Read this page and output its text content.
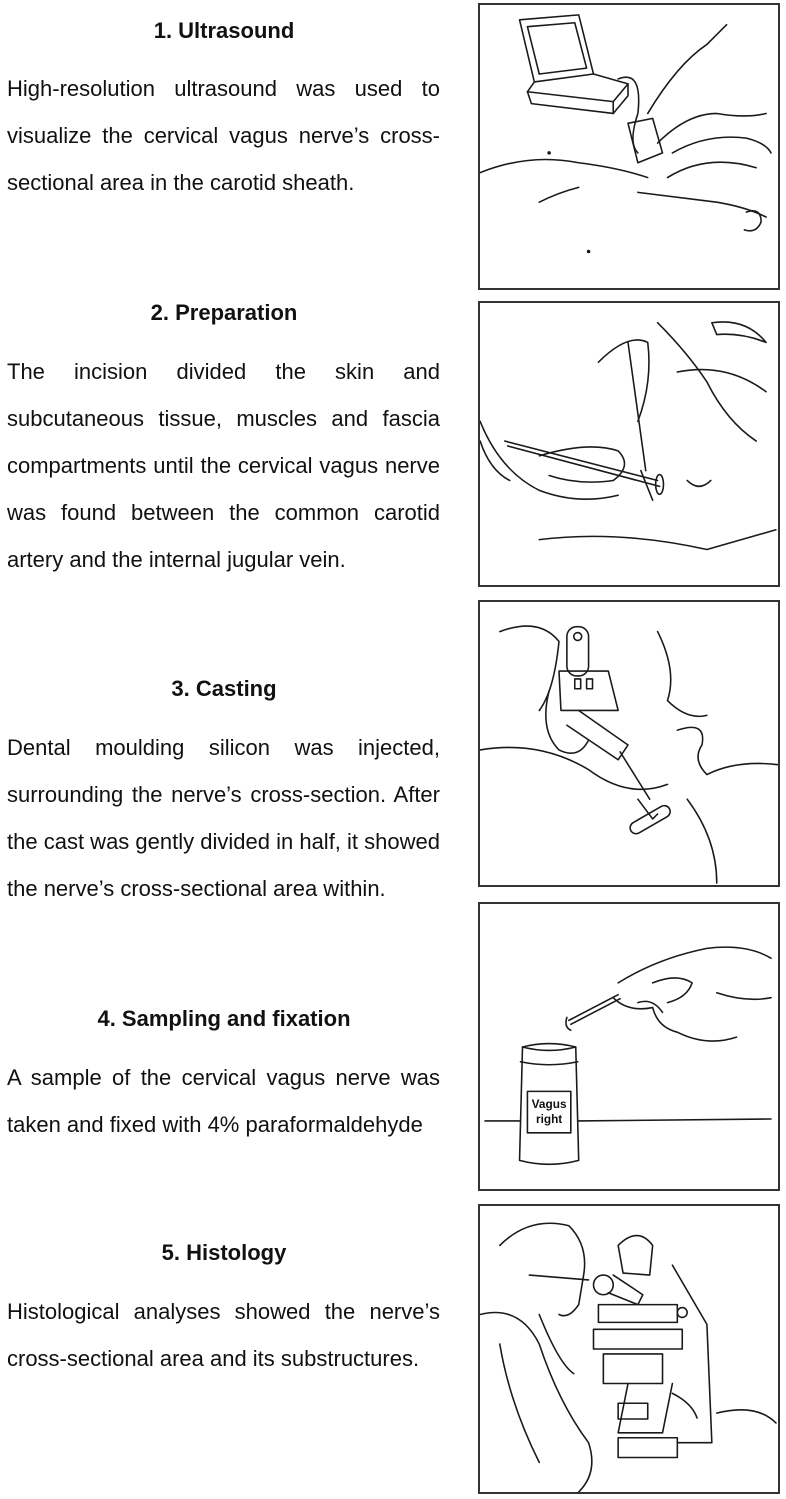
1. Ultrasound
High-resolution ultrasound was used to visualize the cervical vagus nerve’s cross-sectional area in the carotid sheath.
2. Preparation
The incision divided the skin and subcutaneous tissue, muscles and fascia compartments until the cervical vagus nerve was found between the common carotid artery and the internal jugular vein.
3. Casting
Dental moulding silicon was injected, surrounding the nerve’s cross-section. After the cast was gently divided in half, it showed the nerve’s cross-sectional area within.
4. Sampling and fixation
A sample of the cervical vagus nerve was taken and fixed with 4% paraformaldehyde
Vagus
right
5. Histology
Histological analyses showed the nerve’s cross-sectional area and its substructures.
